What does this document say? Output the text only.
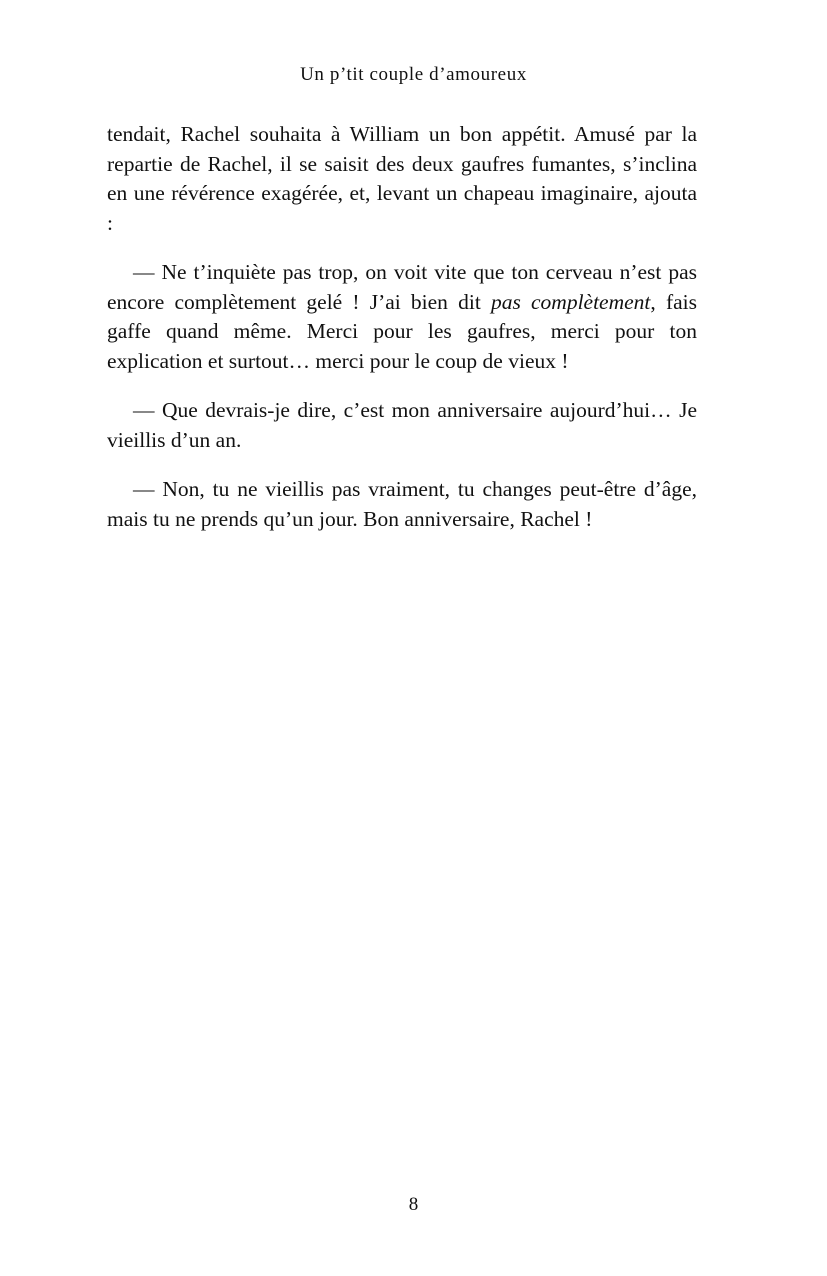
Un p’tit couple d’amoureux

tendait, Rachel souhaita à William un bon appétit. Amusé par la repartie de Rachel, il se saisit des deux gaufres fumantes, s’inclina en une révérence exagérée, et, levant un chapeau imaginaire, ajouta :

— Ne t’inquiète pas trop, on voit vite que ton cerveau n’est pas encore complètement gelé ! J’ai bien dit pas complètement, fais gaffe quand même. Merci pour les gaufres, merci pour ton explication et surtout… merci pour le coup de vieux !

— Que devrais-je dire, c’est mon anniversaire aujourd’hui… Je vieillis d’un an.

— Non, tu ne vieillis pas vraiment, tu changes peut-être d’âge, mais tu ne prends qu’un jour. Bon anniversaire, Rachel !

8
